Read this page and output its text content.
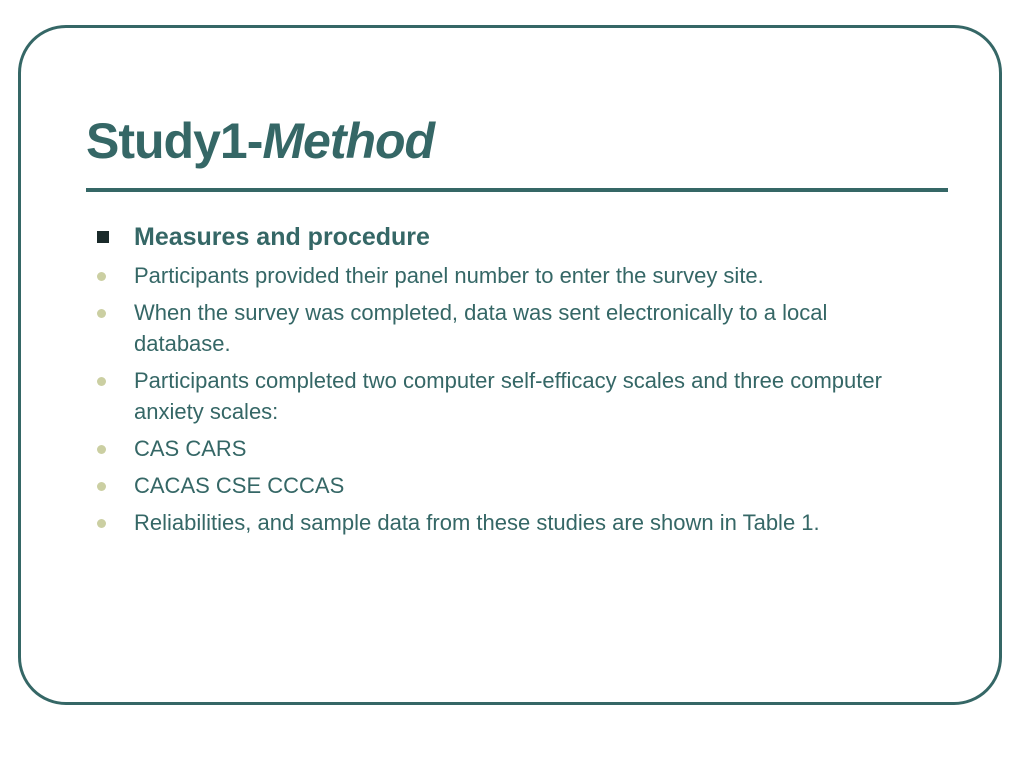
Study1-Method
Measures and procedure
Participants provided their panel number to enter the survey site.
When the survey was completed, data was sent electronically to a local database.
Participants completed two computer self-efficacy scales and three computer anxiety scales:
CAS CARS
CACAS CSE CCCAS
Reliabilities, and sample data from these studies are shown in Table 1.
